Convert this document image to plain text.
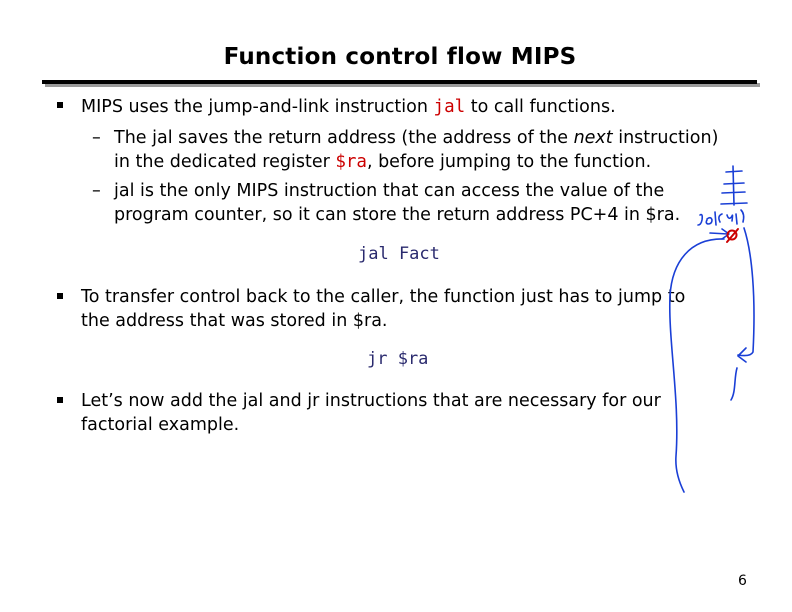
Function control flow MIPS
MIPS uses the jump-and-link instruction jal to call functions.
– The jal saves the return address (the address of the next instruction)
in the dedicated register $ra, before jumping to the function.
– jal is the only MIPS instruction that can access the value of the
program counter, so it can store the return address PC+4 in $ra.
jal Fact
To transfer control back to the caller, the function just has to jump to
the address that was stored in $ra.
jr $ra
Let’s now add the jal and jr instructions that are necessary for our
factorial example.
6
